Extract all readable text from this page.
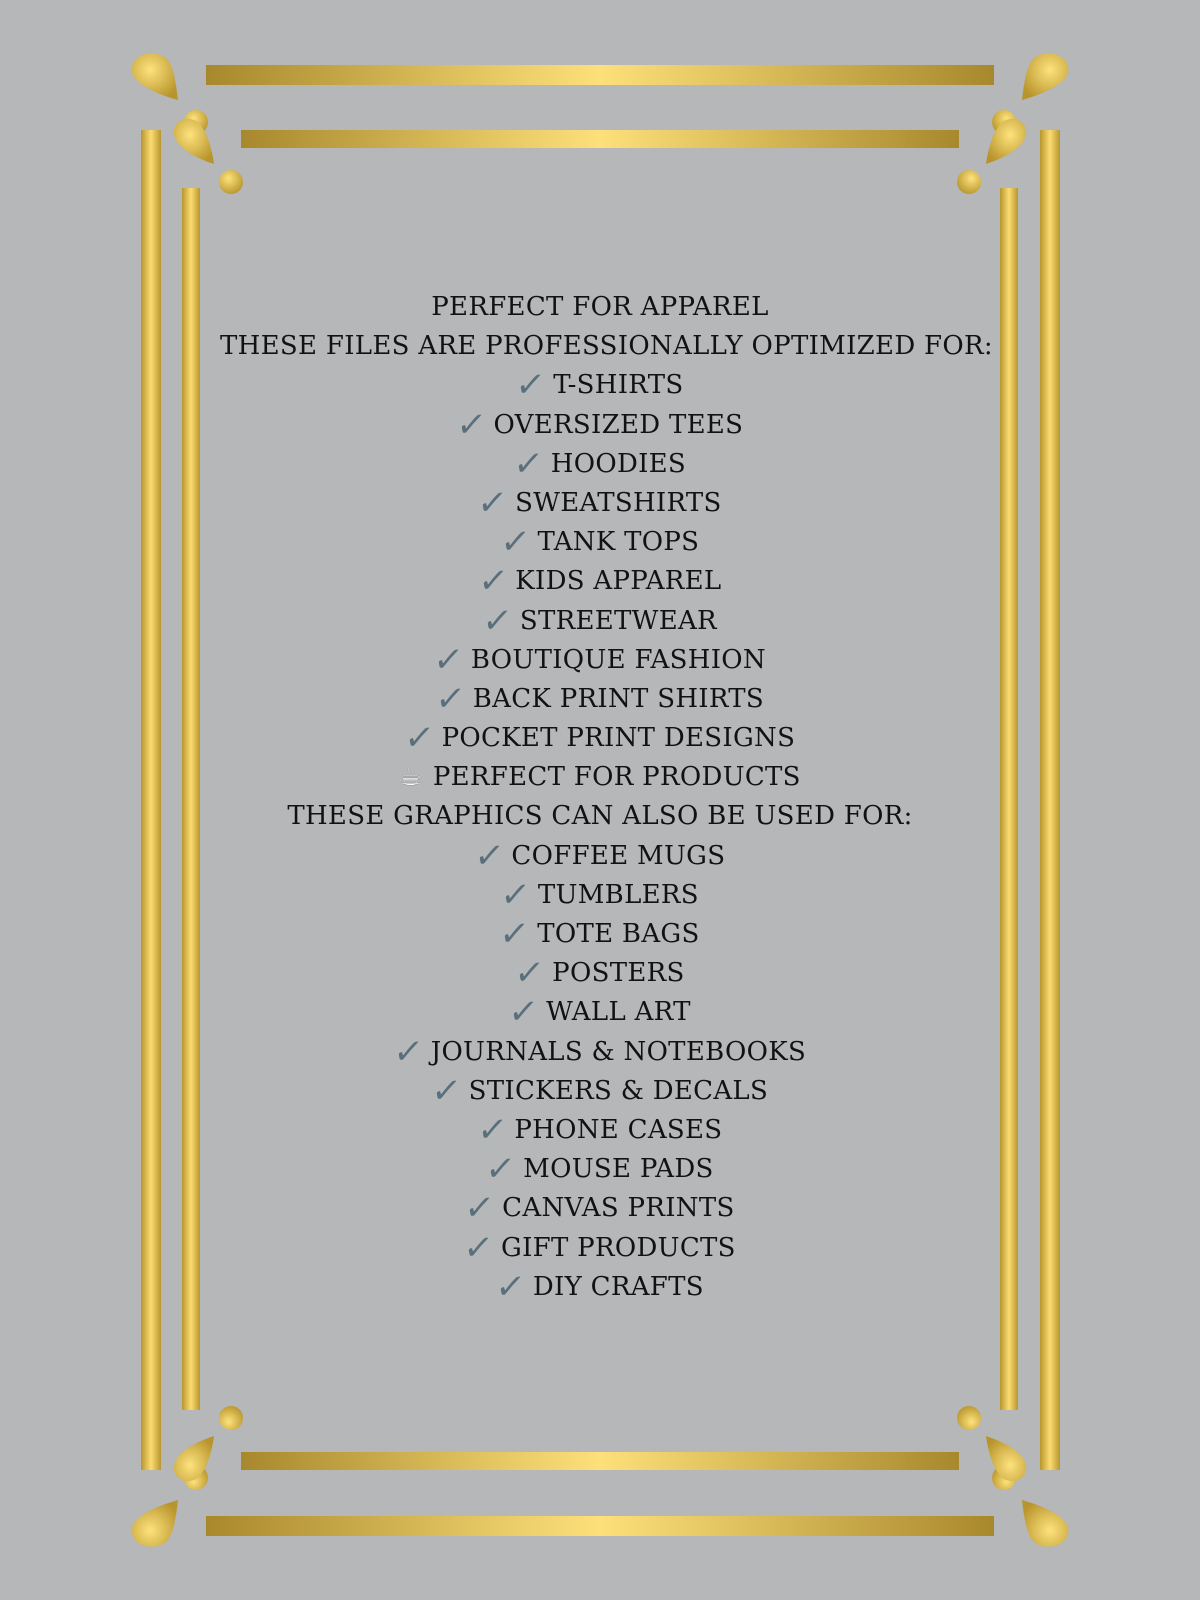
PERFECT FOR APPAREL
THESE FILES ARE PROFESSIONALLY OPTIMIZED FOR:
✓ T-SHIRTS
✓ OVERSIZED TEES
✓ HOODIES
✓ SWEATSHIRTS
✓ TANK TOPS
✓ KIDS APPAREL
✓ STREETWEAR
✓ BOUTIQUE FASHION
✓ BACK PRINT SHIRTS
✓ POCKET PRINT DESIGNS
☕ PERFECT FOR PRODUCTS
THESE GRAPHICS CAN ALSO BE USED FOR:
✓ COFFEE MUGS
✓ TUMBLERS
✓ TOTE BAGS
✓ POSTERS
✓ WALL ART
✓ JOURNALS & NOTEBOOKS
✓ STICKERS & DECALS
✓ PHONE CASES
✓ MOUSE PADS
✓ CANVAS PRINTS
✓ GIFT PRODUCTS
✓ DIY CRAFTS
